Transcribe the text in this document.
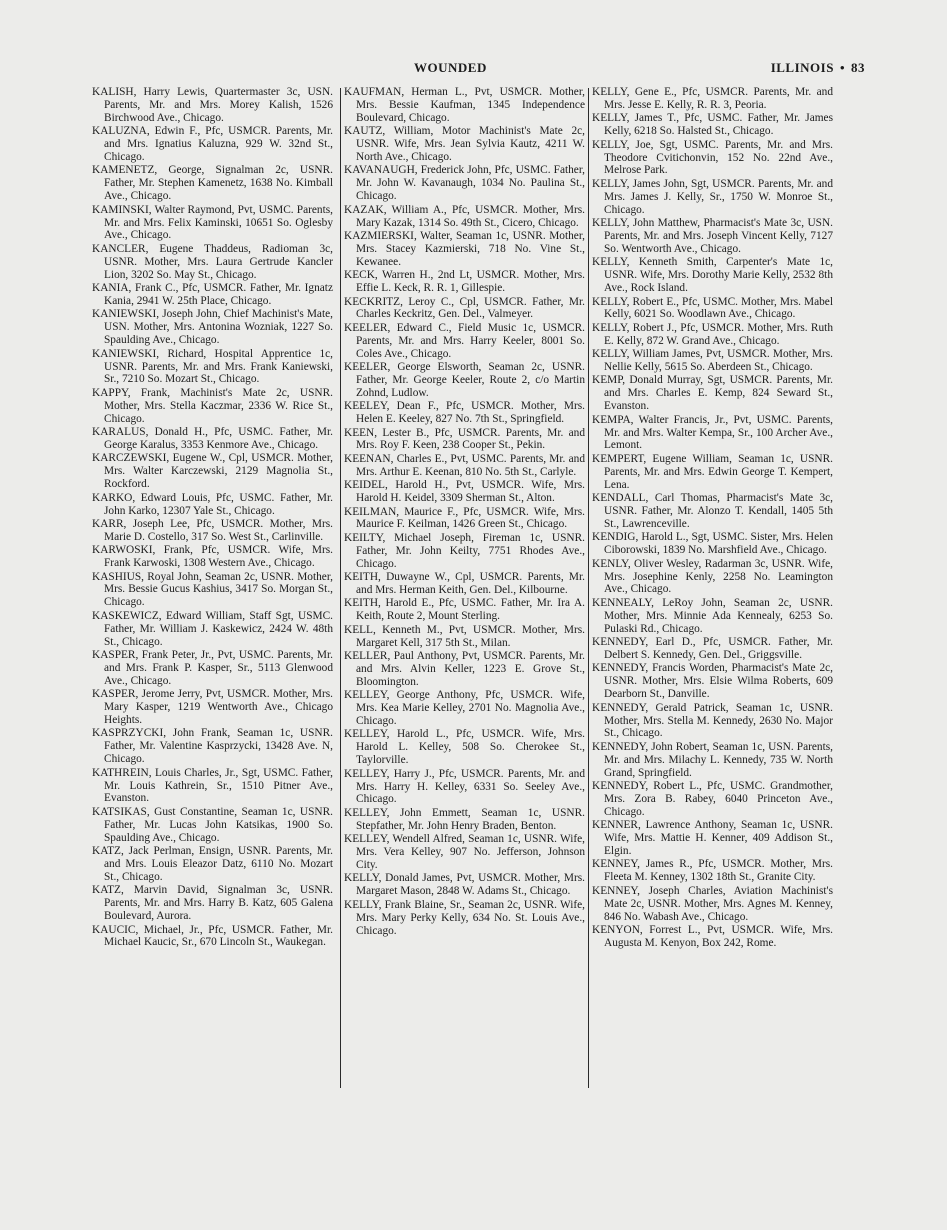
WOUNDED	ILLINOIS • 83

KALISH, Harry Lewis, Quartermaster 3c, USN. Parents, Mr. and Mrs. Morey Kalish, 1526 Birchwood Ave., Chicago.

KALUZNA, Edwin F., Pfc, USMCR. Parents, Mr. and Mrs. Ignatius Kaluzna, 929 W. 32nd St., Chicago.

KAMENETZ, George, Signalman 2c, USNR. Father, Mr. Stephen Kamenetz, 1638 No. Kimball Ave., Chicago.

KAMINSKI, Walter Raymond, Pvt, USMC. Parents, Mr. and Mrs. Felix Kaminski, 10651 So. Oglesby Ave., Chicago.

KANCLER, Eugene Thaddeus, Radioman 3c, USNR. Mother, Mrs. Laura Gertrude Kancler Lion, 3202 So. May St., Chicago.

KANIA, Frank C., Pfc, USMCR. Father, Mr. Ignatz Kania, 2941 W. 25th Place, Chicago.

KANIEWSKI, Joseph John, Chief Machinist's Mate, USN. Mother, Mrs. Antonina Wozniak, 1227 So. Spaulding Ave., Chicago.

KANIEWSKI, Richard, Hospital Apprentice 1c, USNR. Parents, Mr. and Mrs. Frank Kaniewski, Sr., 7210 So. Mozart St., Chicago.

KAPPY, Frank, Machinist's Mate 2c, USNR. Mother, Mrs. Stella Kaczmar, 2336 W. Rice St., Chicago.

KARALUS, Donald H., Pfc, USMC. Father, Mr. George Karalus, 3353 Kenmore Ave., Chicago.

KARCZEWSKI, Eugene W., Cpl, USMCR. Mother, Mrs. Walter Karczewski, 2129 Magnolia St., Rockford.

KARKO, Edward Louis, Pfc, USMC. Father, Mr. John Karko, 12307 Yale St., Chicago.

KARR, Joseph Lee, Pfc, USMCR. Mother, Mrs. Marie D. Costello, 317 So. West St., Carlinville.

KARWOSKI, Frank, Pfc, USMCR. Wife, Mrs. Frank Karwoski, 1308 Western Ave., Chicago.

KASHIUS, Royal John, Seaman 2c, USNR. Mother, Mrs. Bessie Gucus Kashius, 3417 So. Morgan St., Chicago.

KASKEWICZ, Edward William, Staff Sgt, USMC. Father, Mr. William J. Kaskewicz, 2424 W. 48th St., Chicago.

KASPER, Frank Peter, Jr., Pvt, USMC. Parents, Mr. and Mrs. Frank P. Kasper, Sr., 5113 Glenwood Ave., Chicago.

KASPER, Jerome Jerry, Pvt, USMCR. Mother, Mrs. Mary Kasper, 1219 Wentworth Ave., Chicago Heights.

KASPRZYCKI, John Frank, Seaman 1c, USNR. Father, Mr. Valentine Kasprzycki, 13428 Ave. N, Chicago.

KATHREIN, Louis Charles, Jr., Sgt, USMC. Father, Mr. Louis Kathrein, Sr., 1510 Pitner Ave., Evanston.

KATSIKAS, Gust Constantine, Seaman 1c, USNR. Father, Mr. Lucas John Katsikas, 1900 So. Spaulding Ave., Chicago.

KATZ, Jack Perlman, Ensign, USNR. Parents, Mr. and Mrs. Louis Eleazor Datz, 6110 No. Mozart St., Chicago.

KATZ, Marvin David, Signalman 3c, USNR. Parents, Mr. and Mrs. Harry B. Katz, 605 Galena Boulevard, Aurora.

KAUCIC, Michael, Jr., Pfc, USMCR. Father, Mr. Michael Kaucic, Sr., 670 Lincoln St., Waukegan.

KAUFMAN, Herman L., Pvt, USMCR. Mother, Mrs. Bessie Kaufman, 1345 Independence Boulevard, Chicago.

KAUTZ, William, Motor Machinist's Mate 2c, USNR. Wife, Mrs. Jean Sylvia Kautz, 4211 W. North Ave., Chicago.

KAVANAUGH, Frederick John, Pfc, USMC. Father, Mr. John W. Kavanaugh, 1034 No. Paulina St., Chicago.

KAZAK, William A., Pfc, USMCR. Mother, Mrs. Mary Kazak, 1314 So. 49th St., Cicero, Chicago.

KAZMIERSKI, Walter, Seaman 1c, USNR. Mother, Mrs. Stacey Kazmierski, 718 No. Vine St., Kewanee.

KECK, Warren H., 2nd Lt, USMCR. Mother, Mrs. Effie L. Keck, R. R. 1, Gillespie.

KECKRITZ, Leroy C., Cpl, USMCR. Father, Mr. Charles Keckritz, Gen. Del., Valmeyer.

KEELER, Edward C., Field Music 1c, USMCR. Parents, Mr. and Mrs. Harry Keeler, 8001 So. Coles Ave., Chicago.

KEELER, George Elsworth, Seaman 2c, USNR. Father, Mr. George Keeler, Route 2, c/o Martin Zohnd, Ludlow.

KEELEY, Dean F., Pfc, USMCR. Mother, Mrs. Helen E. Keeley, 827 No. 7th St., Springfield.

KEEN, Lester B., Pfc, USMCR. Parents, Mr. and Mrs. Roy F. Keen, 238 Cooper St., Pekin.

KEENAN, Charles E., Pvt, USMC. Parents, Mr. and Mrs. Arthur E. Keenan, 810 No. 5th St., Carlyle.

KEIDEL, Harold H., Pvt, USMCR. Wife, Mrs. Harold H. Keidel, 3309 Sherman St., Alton.

KEILMAN, Maurice F., Pfc, USMCR. Wife, Mrs. Maurice F. Keilman, 1426 Green St., Chicago.

KEILTY, Michael Joseph, Fireman 1c, USNR. Father, Mr. John Keilty, 7751 Rhodes Ave., Chicago.

KEITH, Duwayne W., Cpl, USMCR. Parents, Mr. and Mrs. Herman Keith, Gen. Del., Kilbourne.

KEITH, Harold E., Pfc, USMC. Father, Mr. Ira A. Keith, Route 2, Mount Sterling.

KELL, Kenneth M., Pvt, USMCR. Mother, Mrs. Margaret Kell, 317 5th St., Milan.

KELLER, Paul Anthony, Pvt, USMCR. Parents, Mr. and Mrs. Alvin Keller, 1223 E. Grove St., Bloomington.

KELLEY, George Anthony, Pfc, USMCR. Wife, Mrs. Kea Marie Kelley, 2701 No. Magnolia Ave., Chicago.

KELLEY, Harold L., Pfc, USMCR. Wife, Mrs. Harold L. Kelley, 508 So. Cherokee St., Taylorville.

KELLEY, Harry J., Pfc, USMCR. Parents, Mr. and Mrs. Harry H. Kelley, 6331 So. Seeley Ave., Chicago.

KELLEY, John Emmett, Seaman 1c, USNR. Stepfather, Mr. John Henry Braden, Benton.

KELLEY, Wendell Alfred, Seaman 1c, USNR. Wife, Mrs. Vera Kelley, 907 No. Jefferson, Johnson City.

KELLY, Donald James, Pvt, USMCR. Mother, Mrs. Margaret Mason, 2848 W. Adams St., Chicago.

KELLY, Frank Blaine, Sr., Seaman 2c, USNR. Wife, Mrs. Mary Perky Kelly, 634 No. St. Louis Ave., Chicago.

KELLY, Gene E., Pfc, USMCR. Parents, Mr. and Mrs. Jesse E. Kelly, R. R. 3, Peoria.

KELLY, James T., Pfc, USMC. Father, Mr. James Kelly, 6218 So. Halsted St., Chicago.

KELLY, Joe, Sgt, USMC. Parents, Mr. and Mrs. Theodore Cvitichonvin, 152 No. 22nd Ave., Melrose Park.

KELLY, James John, Sgt, USMCR. Parents, Mr. and Mrs. James J. Kelly, Sr., 1750 W. Monroe St., Chicago.

KELLY, John Matthew, Pharmacist's Mate 3c, USN. Parents, Mr. and Mrs. Joseph Vincent Kelly, 7127 So. Wentworth Ave., Chicago.

KELLY, Kenneth Smith, Carpenter's Mate 1c, USNR. Wife, Mrs. Dorothy Marie Kelly, 2532 8th Ave., Rock Island.

KELLY, Robert E., Pfc, USMC. Mother, Mrs. Mabel Kelly, 6021 So. Woodlawn Ave., Chicago.

KELLY, Robert J., Pfc, USMCR. Mother, Mrs. Ruth E. Kelly, 872 W. Grand Ave., Chicago.

KELLY, William James, Pvt, USMCR. Mother, Mrs. Nellie Kelly, 5615 So. Aberdeen St., Chicago.

KEMP, Donald Murray, Sgt, USMCR. Parents, Mr. and Mrs. Charles E. Kemp, 824 Seward St., Evanston.

KEMPA, Walter Francis, Jr., Pvt, USMC. Parents, Mr. and Mrs. Walter Kempa, Sr., 100 Archer Ave., Lemont.

KEMPERT, Eugene William, Seaman 1c, USNR. Parents, Mr. and Mrs. Edwin George T. Kempert, Lena.

KENDALL, Carl Thomas, Pharmacist's Mate 3c, USNR. Father, Mr. Alonzo T. Kendall, 1405 5th St., Lawrenceville.

KENDIG, Harold L., Sgt, USMC. Sister, Mrs. Helen Ciborowski, 1839 No. Marshfield Ave., Chicago.

KENLY, Oliver Wesley, Radarman 3c, USNR. Wife, Mrs. Josephine Kenly, 2258 No. Leamington Ave., Chicago.

KENNEALY, LeRoy John, Seaman 2c, USNR. Mother, Mrs. Minnie Ada Kennealy, 6253 So. Pulaski Rd., Chicago.

KENNEDY, Earl D., Pfc, USMCR. Father, Mr. Delbert S. Kennedy, Gen. Del., Griggsville.

KENNEDY, Francis Worden, Pharmacist's Mate 2c, USNR. Mother, Mrs. Elsie Wilma Roberts, 609 Dearborn St., Danville.

KENNEDY, Gerald Patrick, Seaman 1c, USNR. Mother, Mrs. Stella M. Kennedy, 2630 No. Major St., Chicago.

KENNEDY, John Robert, Seaman 1c, USN. Parents, Mr. and Mrs. Milachy L. Kennedy, 735 W. North Grand, Springfield.

KENNEDY, Robert L., Pfc, USMC. Grandmother, Mrs. Zora B. Rabey, 6040 Princeton Ave., Chicago.

KENNER, Lawrence Anthony, Seaman 1c, USNR. Wife, Mrs. Mattie H. Kenner, 409 Addison St., Elgin.

KENNEY, James R., Pfc, USMCR. Mother, Mrs. Fleeta M. Kenney, 1302 18th St., Granite City.

KENNEY, Joseph Charles, Aviation Machinist's Mate 2c, USNR. Mother, Mrs. Agnes M. Kenney, 846 No. Wabash Ave., Chicago.

KENYON, Forrest L., Pvt, USMCR. Wife, Mrs. Augusta M. Kenyon, Box 242, Rome.
